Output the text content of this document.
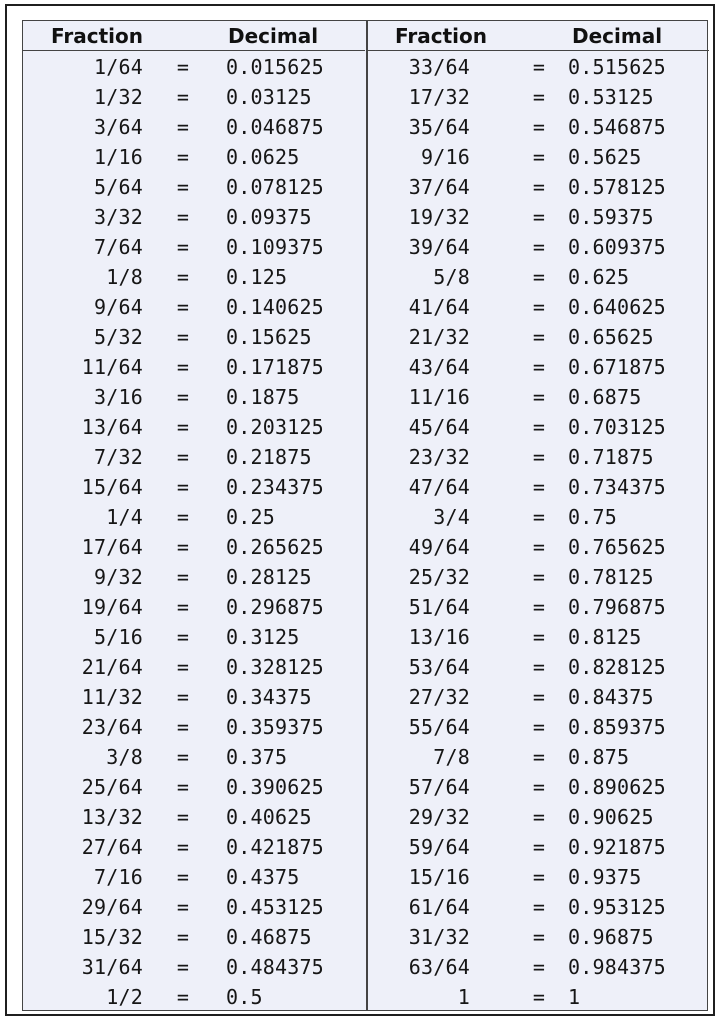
Fraction	Decimal
1/64 = 0.015625
1/32 = 0.03125
3/64 = 0.046875
1/16 = 0.0625
5/64 = 0.078125
3/32 = 0.09375
7/64 = 0.109375
1/8 = 0.125
9/64 = 0.140625
5/32 = 0.15625
11/64 = 0.171875
3/16 = 0.1875
13/64 = 0.203125
7/32 = 0.21875
15/64 = 0.234375
1/4 = 0.25
17/64 = 0.265625
9/32 = 0.28125
19/64 = 0.296875
5/16 = 0.3125
21/64 = 0.328125
11/32 = 0.34375
23/64 = 0.359375
3/8 = 0.375
25/64 = 0.390625
13/32 = 0.40625
27/64 = 0.421875
7/16 = 0.4375
29/64 = 0.453125
15/32 = 0.46875
31/64 = 0.484375
1/2 = 0.5
Fraction	Decimal
33/64	= 0.515625
17/32	= 0.53125
35/64	= 0.546875
9/16	= 0.5625
37/64	= 0.578125
19/32	= 0.59375
39/64	= 0.609375
5/8	= 0.625
41/64	= 0.640625
21/32	= 0.65625
43/64	= 0.671875
11/16	= 0.6875
45/64	= 0.703125
23/32	= 0.71875
47/64	= 0.734375
3/4	= 0.75
49/64	= 0.765625
25/32	= 0.78125
51/64	= 0.796875
13/16	= 0.8125
53/64	= 0.828125
27/32	= 0.84375
55/64	= 0.859375
7/8	= 0.875
57/64	= 0.890625
29/32	= 0.90625
59/64	= 0.921875
15/16	= 0.9375
61/64	= 0.953125
31/32	= 0.96875
63/64	= 0.984375
1	= 1
